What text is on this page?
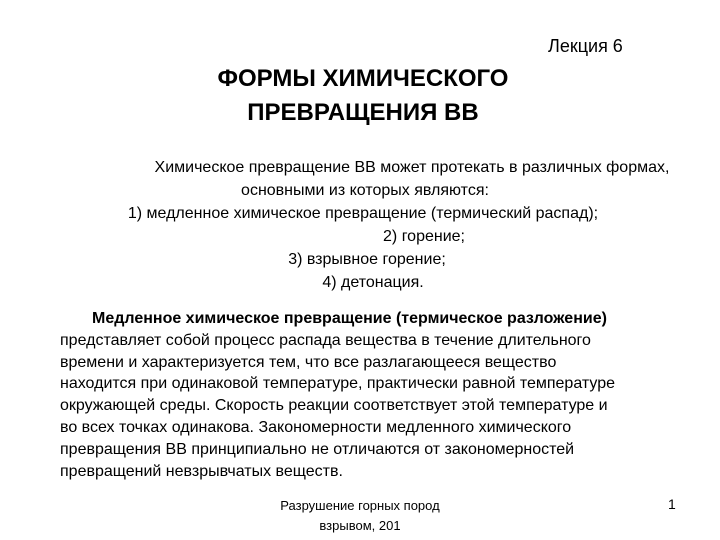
Лекция 6
ФОРМЫ ХИМИЧЕСКОГО
ПРЕВРАЩЕНИЯ ВВ
Химическое превращение ВВ может протекать в различных формах,
основными из которых являются:
1) медленное химическое превращение (термический распад);
2) горение;
3) взрывное горение;
4) детонация.
Медленное химическое превращение (термическое разложение)
представляет собой процесс распада вещества в течение длительного
времени и характеризуется тем, что все разлагающееся вещество
находится при одинаковой температуре, практически равной температуре
окружающей среды. Скорость реакции соответствует этой температуре и
во всех точках одинакова. Закономерности медленного химического
превращения ВВ принципиально не отличаются от закономерностей
превращений невзрывчатых веществ.
Разрушение горных пород
взрывом, 201
1
